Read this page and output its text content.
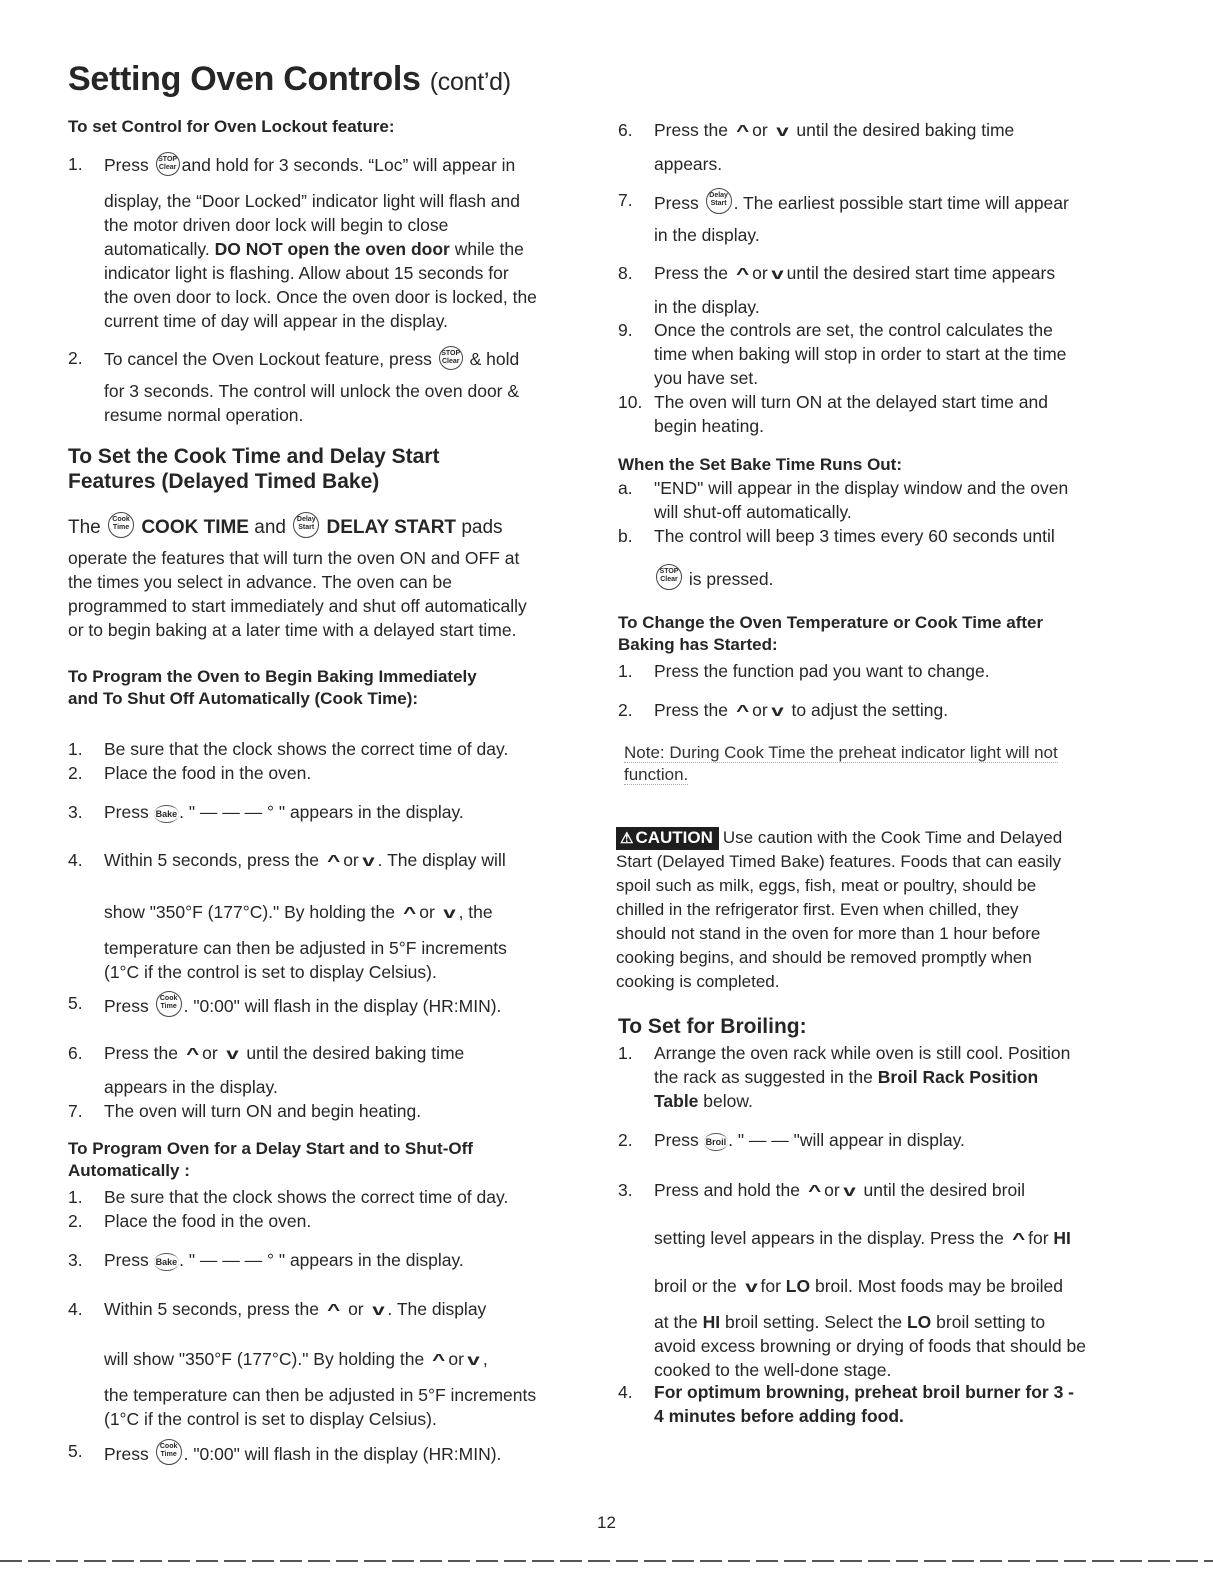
Setting Oven Controls (cont’d)
To set Control for Oven Lockout feature:
1.	Press STOP
Clear and hold for 3 seconds. “Loc” will appear in
display, the “Door Locked” indicator light will flash and
the motor driven door lock will begin to close
automatically. DO NOT open the oven door while the
indicator light is flashing. Allow about 15 seconds for
the oven door to lock. Once the oven door is locked, the
current time of day will appear in the display.
2.	To cancel the Oven Lockout feature, press STOP
Clear & hold
for 3 seconds. The control will unlock the oven door &
resume normal operation.
To Set the Cook Time and Delay Start
Features (Delayed Timed Bake)
The	Cook
Time COOK TIME and	Delay
Start DELAY START pads
operate the features that will turn the oven ON and OFF at
the times you select in advance. The oven can be
programmed to start immediately and shut off automatically
or to begin baking at a later time with a delayed start time.
To Program the Oven to Begin Baking Immediately
and To Shut Off Automatically (Cook Time):
1.	Be sure that the clock shows the correct time of day.
2.	Place the food in the oven.
3.	Press Bake . " — — — ° " appears in the display.
4.	Within 5 seconds, press the ^ or v . The display will
show "350°F (177°C)." By holding the ^ or v , the
temperature can then be adjusted in 5°F increments
(1°C if the control is set to display Celsius).
5.	Press	Cook
Time . "0:00" will flash in the display (HR:MIN).
6.	Press the ^ or v until the desired baking time
appears in the display.
7.	The oven will turn ON and begin heating.
To Program Oven for a Delay Start and to Shut-Off
Automatically :
1.	Be sure that the clock shows the correct time of day.
2.	Place the food in the oven.
3.	Press Bake . " — — — ° " appears in the display.
4.	Within 5 seconds, press the ^ or v . The display
will show "350°F (177°C)." By holding the ^ or v ,
the temperature can then be adjusted in 5°F increments
(1°C if the control is set to display Celsius).
5.	Press	Cook
Time . "0:00" will flash in the display (HR:MIN).
6.	Press the ^ or v until the desired baking time
appears.
7.	Press	Delay
Start . The earliest possible start time will appear
in the display.
8.	Press the ^ or v until the desired start time appears
in the display.
9.	Once the controls are set, the control calculates the
time when baking will stop in order to start at the time
you have set.
10. The oven will turn ON at the delayed start time and
begin heating.
When the Set Bake Time Runs Out:
a.	"END" will appear in the display window and the oven
will shut-off automatically.
b.	The control will beep 3 times every 60 seconds until
STOP
Clear is pressed.
To Change the Oven Temperature or Cook Time after
Baking has Started:
1.	Press the function pad you want to change.
2.	Press the ^ or v to adjust the setting.
Note: During Cook Time the preheat indicator light will not
function.
⚠ CAUTION Use caution with the Cook Time and Delayed
Start (Delayed Timed Bake) features. Foods that can easily
spoil such as milk, eggs, fish, meat or poultry, should be
chilled in the refrigerator first. Even when chilled, they
should not stand in the oven for more than 1 hour before
cooking begins, and should be removed promptly when
cooking is completed.
To Set for Broiling:
1.	Arrange the oven rack while oven is still cool. Position
the rack as suggested in the Broil Rack Position
Table below.
2.	Press Broil . " — — "will appear in display.
3.	Press and hold the ^ or v until the desired broil
setting level appears in the display. Press the ^ for HI
broil or the v for LO broil. Most foods may be broiled
at the HI broil setting. Select the LO broil setting to
avoid excess browning or drying of foods that should be
cooked to the well-done stage.
4.	For optimum browning, preheat broil burner for 3 -
4 minutes before adding food.
12
